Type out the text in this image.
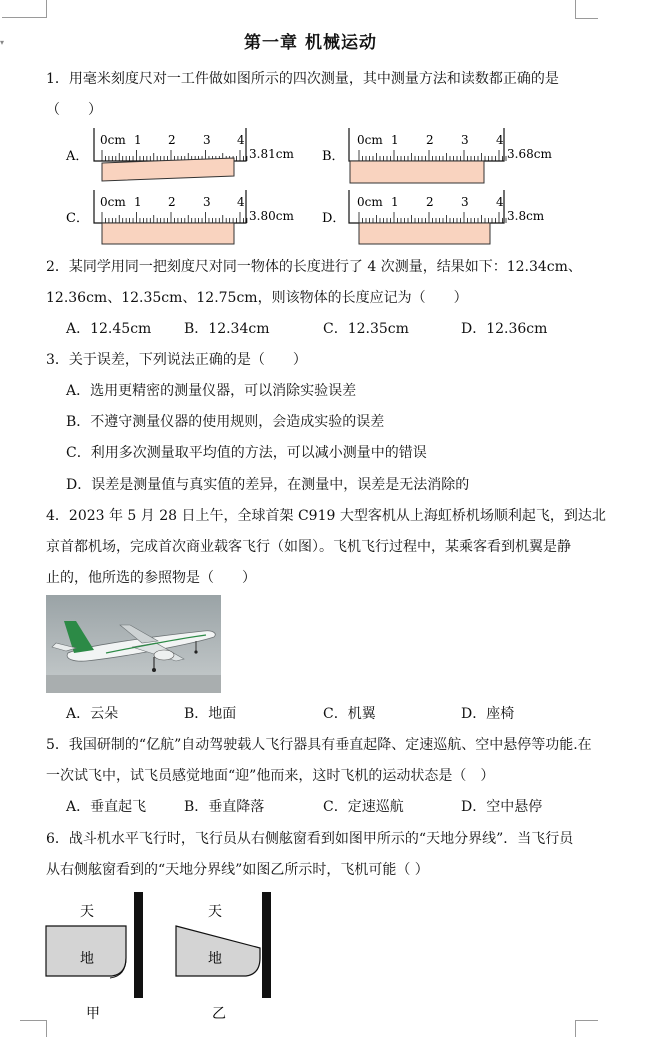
▾	第一章 机械运动
1．用毫米刻度尺对一工件做如图所示的四次测量，其中测量方法和读数都正确的是
（　　）
A．
0cm 1 2 3 4
3.81cm B．
0cm 1 2 3 4
3.68cm
C．
0cm 1 2 3 4
3.80cm D．
0cm 1 2 3 4
3.8cm
2．某同学用同一把刻度尺对同一物体的长度进行了 4 次测量，结果如下：12.34cm、
12.36cm、12.35cm、12.75cm，则该物体的长度应记为（　　）
A．12.45cm B．12.34cm	C．12.35cm	D．12.36cm
3．关于误差，下列说法正确的是（　　）
A．选用更精密的测量仪器，可以消除实验误差
B．不遵守测量仪器的使用规则，会造成实验的误差
C．利用多次测量取平均值的方法，可以减小测量中的错误
D．误差是测量值与真实值的差异，在测量中，误差是无法消除的
4．2023 年 5 月 28 日上午，全球首架 C919 大型客机从上海虹桥机场顺利起飞，到达北
京首都机场，完成首次商业载客飞行（如图）。飞机飞行过程中，某乘客看到机翼是静
止的，他所选的参照物是（　　）
A．云朵	B．地面	C．机翼	D．座椅
5．我国研制的“亿航”自动驾驶载人飞行器具有垂直起降、定速巡航、空中悬停等功能.在
一次试飞中，试飞员感觉地面“迎”他而来，这时飞机的运动状态是（　）
A．垂直起飞	B．垂直降落	C．定速巡航	D．空中悬停
6．战斗机水平飞行时，飞行员从右侧舷窗看到如图甲所示的“天地分界线”．当飞行员
从右侧舷窗看到的“天地分界线”如图乙所示时，飞机可能（ ）
天
地
甲
天
地
乙
